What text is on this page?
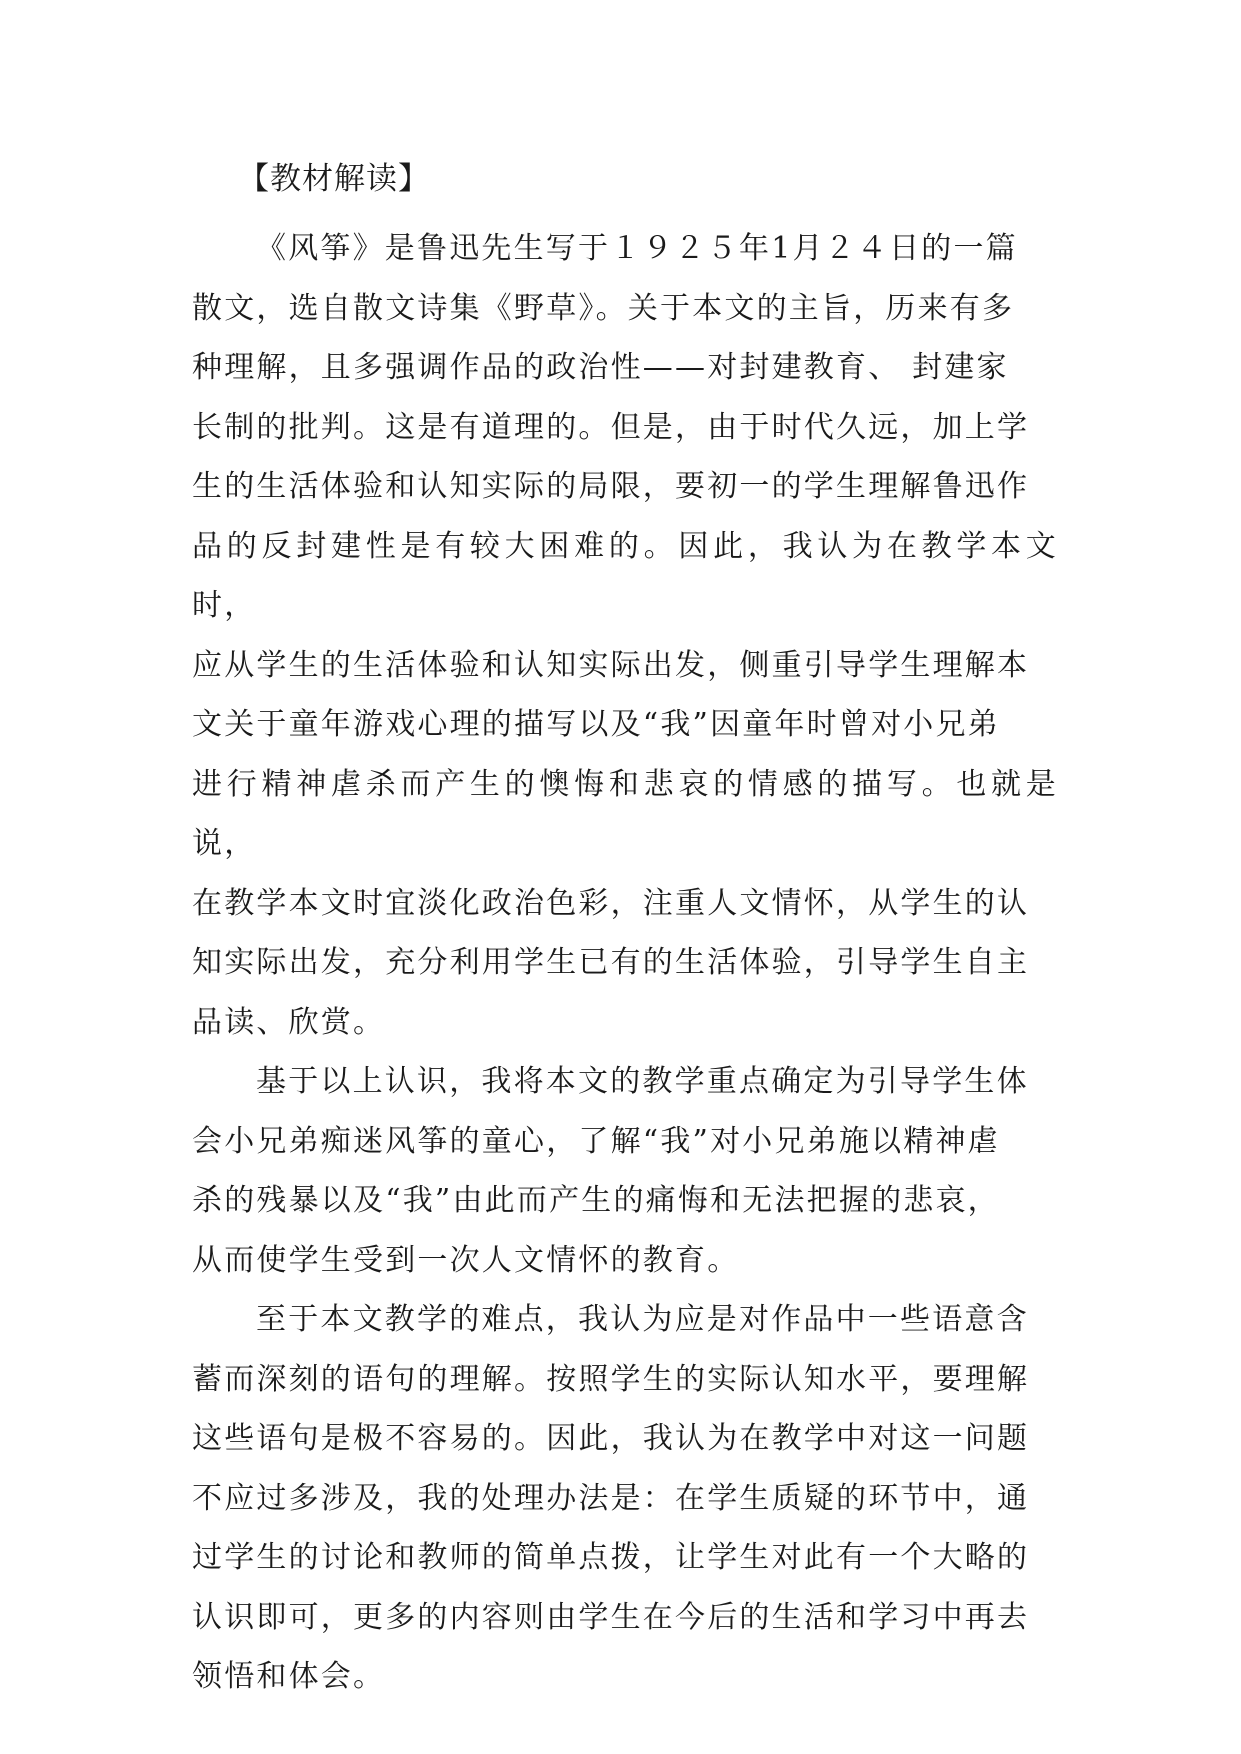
【教材解读】

《风筝》是鲁迅先生写于１９２５年1月２４日的一篇
散文，选自散文诗集《野草》。关于本文的主旨，历来有多
种理解，且多强调作品的政治性——对封建教育、 封建家
长制的批判。这是有道理的。但是，由于时代久远，加上学
生的生活体验和认知实际的局限，要初一的学生理解鲁迅作
品的反封建性是有较大困难的。因此，我认为在教学本文时，
应从学生的生活体验和认知实际出发，侧重引导学生理解本
文关于童年游戏心理的描写以及“我”因童年时曾对小兄弟
进行精神虐杀而产生的懊悔和悲哀的情感的描写。也就是说，
在教学本文时宜淡化政治色彩，注重人文情怀，从学生的认
知实际出发，充分利用学生已有的生活体验，引导学生自主
品读、欣赏。

基于以上认识，我将本文的教学重点确定为引导学生体
会小兄弟痴迷风筝的童心，了解“我”对小兄弟施以精神虐
杀的残暴以及“我”由此而产生的痛悔和无法把握的悲哀，
从而使学生受到一次人文情怀的教育。

至于本文教学的难点，我认为应是对作品中一些语意含
蓄而深刻的语句的理解。按照学生的实际认知水平，要理解
这些语句是极不容易的。因此，我认为在教学中对这一问题
不应过多涉及，我的处理办法是：在学生质疑的环节中，通
过学生的讨论和教师的简单点拨，让学生对此有一个大略的
认识即可，更多的内容则由学生在今后的生活和学习中再去
领悟和体会。
